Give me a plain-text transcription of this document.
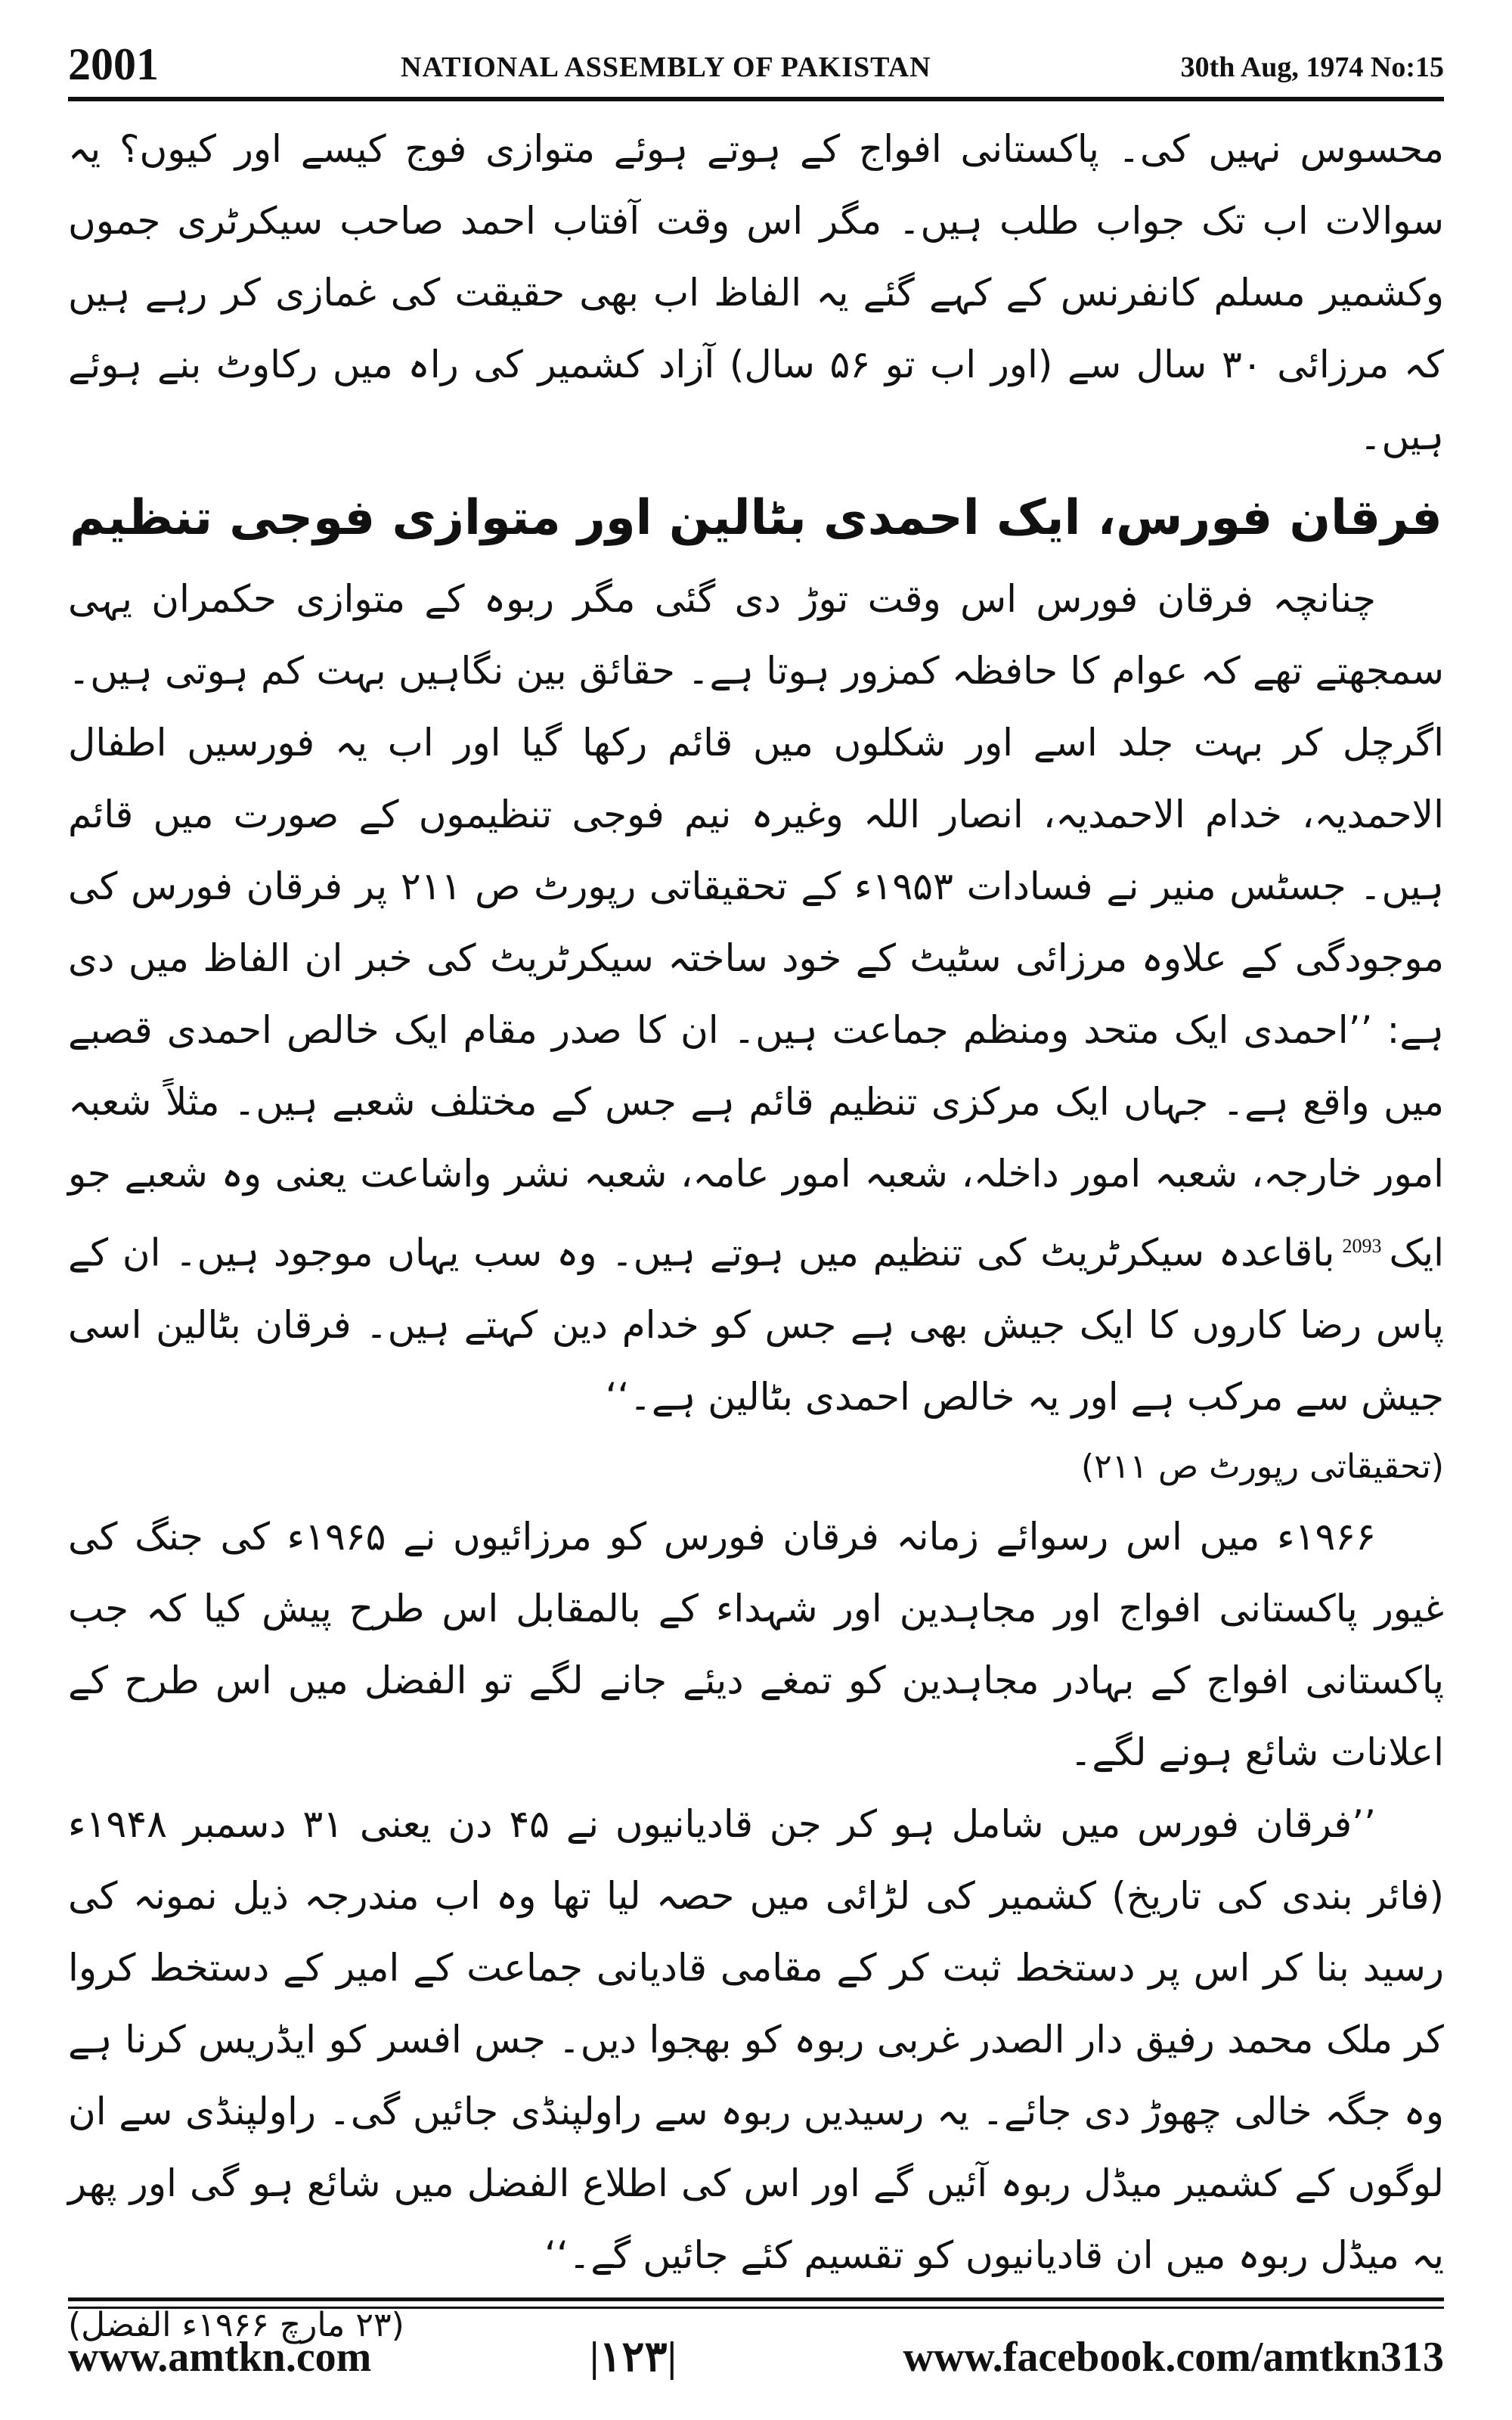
2001	NATIONAL ASSEMBLY OF PAKISTAN	30th Aug, 1974 No:15

محسوس نہیں کی۔ پاکستانی افواج کے ہوتے ہوئے متوازی فوج کیسے اور کیوں؟ یہ سوالات اب تک جواب طلب ہیں۔ مگر اس وقت آفتاب احمد صاحب سیکرٹری جموں وکشمیر مسلم کانفرنس کے کہے گئے یہ الفاظ اب بھی حقیقت کی غمازی کر رہے ہیں کہ مرزائی ۳۰ سال سے (اور اب تو ۵۶ سال) آزاد کشمیر کی راہ میں رکاوٹ بنے ہوئے ہیں۔

فرقان فورس، ایک احمدی بٹالین اور متوازی فوجی تنظیم

چنانچہ فرقان فورس اس وقت توڑ دی گئی مگر ربوہ کے متوازی حکمران یہی سمجھتے تھے کہ عوام کا حافظہ کمزور ہوتا ہے۔ حقائق بین نگاہیں بہت کم ہوتی ہیں۔ اگرچل کر بہت جلد اسے اور شکلوں میں قائم رکھا گیا اور اب یہ فورسیں اطفال الاحمدیہ، خدام الاحمدیہ، انصار اللہ وغیرہ نیم فوجی تنظیموں کے صورت میں قائم ہیں۔ جسٹس منیر نے فسادات ۱۹۵۳ء کے تحقیقاتی رپورٹ ص ۲۱۱ پر فرقان فورس کی موجودگی کے علاوہ مرزائی سٹیٹ کے خود ساختہ سیکرٹریٹ کی خبر ان الفاظ میں دی ہے: ’’احمدی ایک متحد ومنظم جماعت ہیں۔ ان کا صدر مقام ایک خالص احمدی قصبے میں واقع ہے۔ جہاں ایک مرکزی تنظیم قائم ہے جس کے مختلف شعبے ہیں۔ مثلاً شعبہ امور خارجہ، شعبہ امور داخلہ، شعبہ امور عامہ، شعبہ نشر واشاعت یعنی وہ شعبے جو ایک$^{2093}$باقاعدہ سیکرٹریٹ کی تنظیم میں ہوتے ہیں۔ وہ سب یہاں موجود ہیں۔ ان کے پاس رضا کاروں کا ایک جیش بھی ہے جس کو خدام دین کہتے ہیں۔ فرقان بٹالین اسی جیش سے مرکب ہے اور یہ خالص احمدی بٹالین ہے۔‘‘

(تحقیقاتی رپورٹ ص ۲۱۱)

۱۹۶۶ء میں اس رسوائے زمانہ فرقان فورس کو مرزائیوں نے ۱۹۶۵ء کی جنگ کی غیور پاکستانی افواج اور مجاہدین اور شہداء کے بالمقابل اس طرح پیش کیا کہ جب پاکستانی افواج کے بہادر مجاہدین کو تمغے دیئے جانے لگے تو الفضل میں اس طرح کے اعلانات شائع ہونے لگے۔

’’فرقان فورس میں شامل ہو کر جن قادیانیوں نے ۴۵ دن یعنی ۳۱ دسمبر ۱۹۴۸ء (فائر بندی کی تاریخ) کشمیر کی لڑائی میں حصہ لیا تھا وہ اب مندرجہ ذیل نمونہ کی رسید بنا کر اس پر دستخط ثبت کر کے مقامی قادیانی جماعت کے امیر کے دستخط کروا کر ملک محمد رفیق دار الصدر غربی ربوہ کو بھجوا دیں۔ جس افسر کو ایڈریس کرنا ہے وہ جگہ خالی چھوڑ دی جائے۔ یہ رسیدیں ربوہ سے راولپنڈی جائیں گی۔ راولپنڈی سے ان لوگوں کے کشمیر میڈل ربوہ آئیں گے اور اس کی اطلاع الفضل میں شائع ہو گی اور پھر یہ میڈل ربوہ میں ان قادیانیوں کو تقسیم کئے جائیں گے۔‘‘

(۲۳ مارچ ۱۹۶۶ء الفضل)

www.amtkn.com	|۱۲۳|	www.facebook.com/amtkn313
